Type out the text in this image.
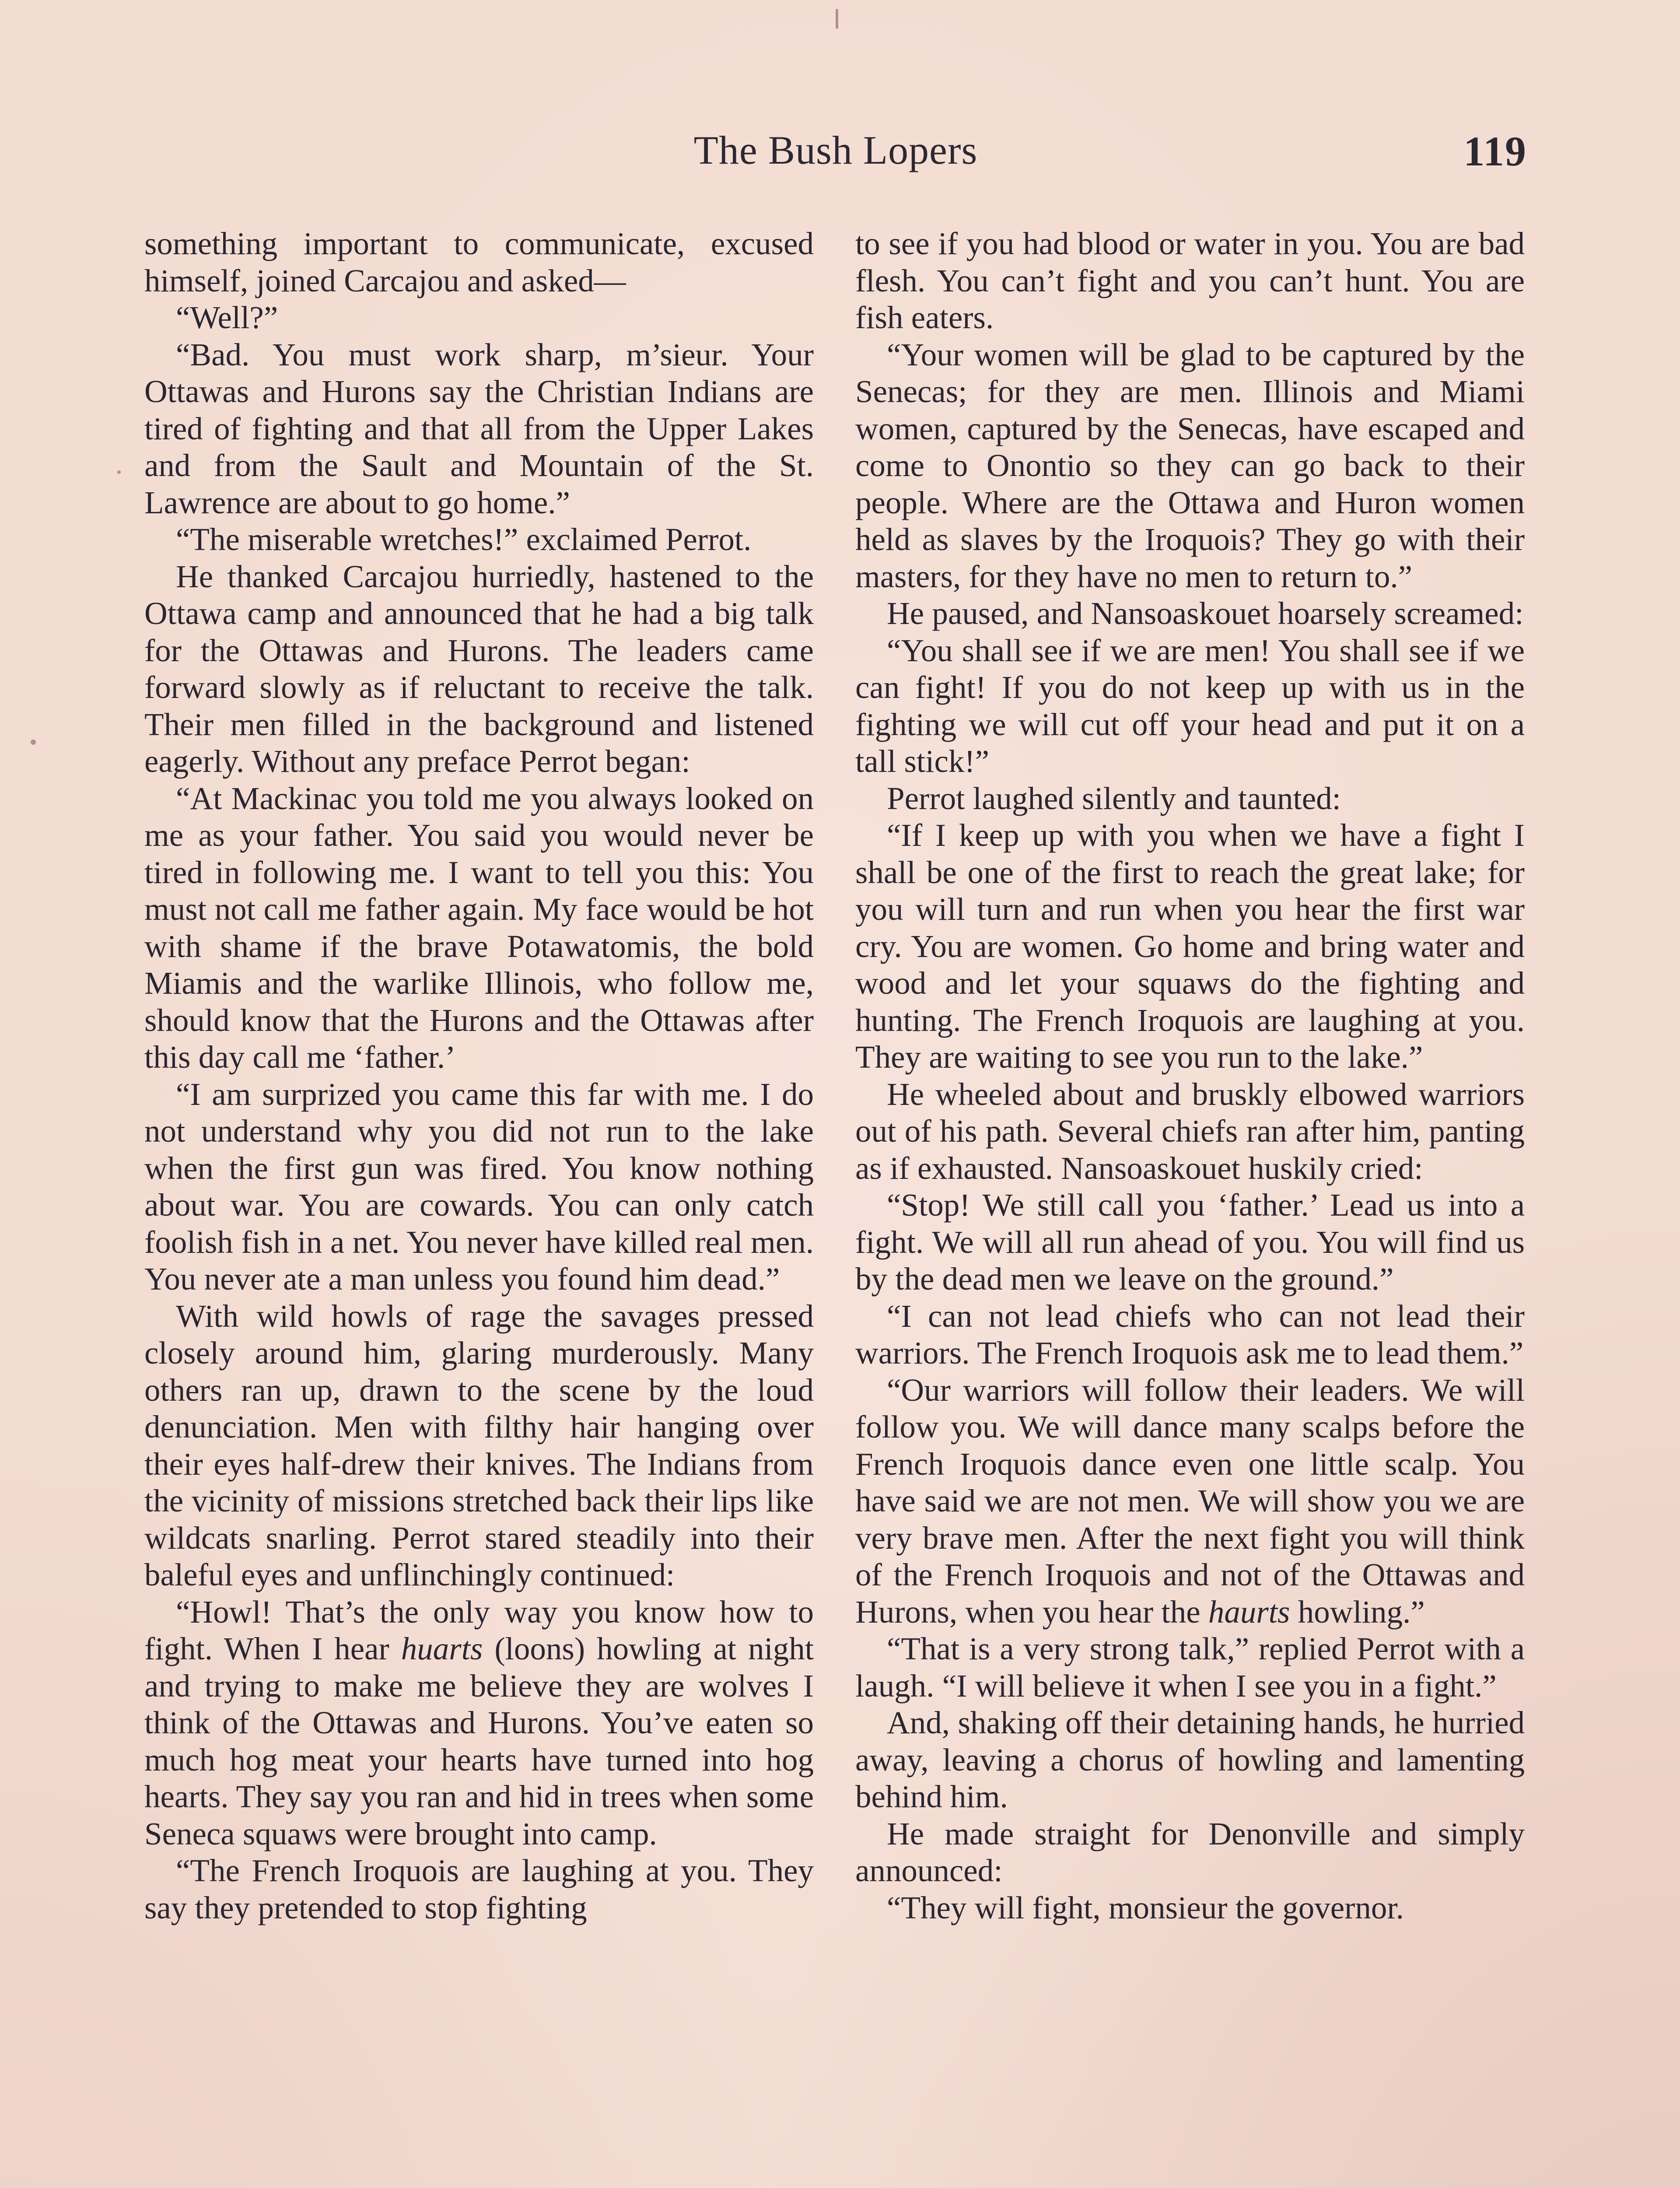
The Bush Lopers	119

something important to communicate, excused himself, joined Carcajou and asked—

“Well?”

“Bad. You must work sharp, m’sieur. Your Ottawas and Hurons say the Christian Indians are tired of fighting and that all from the Upper Lakes and from the Sault and Mountain of the St. Lawrence are about to go home.”

“The miserable wretches!” exclaimed Perrot.

He thanked Carcajou hurriedly, hastened to the Ottawa camp and announced that he had a big talk for the Ottawas and Hurons. The leaders came forward slowly as if reluctant to receive the talk. Their men filled in the background and listened eagerly. Without any preface Perrot began:

“At Mackinac you told me you always looked on me as your father. You said you would never be tired in following me. I want to tell you this: You must not call me father again. My face would be hot with shame if the brave Potawatomis, the bold Miamis and the warlike Illinois, who follow me, should know that the Hurons and the Ottawas after this day call me ‘father.’

“I am surprized you came this far with me. I do not understand why you did not run to the lake when the first gun was fired. You know nothing about war. You are cowards. You can only catch foolish fish in a net. You never have killed real men. You never ate a man unless you found him dead.”

With wild howls of rage the savages pressed closely around him, glaring murderously. Many others ran up, drawn to the scene by the loud denunciation. Men with filthy hair hanging over their eyes half-drew their knives. The Indians from the vicinity of missions stretched back their lips like wildcats snarling. Perrot stared steadily into their baleful eyes and unflinchingly continued:

“Howl! That’s the only way you know how to fight. When I hear huarts (loons) howling at night and trying to make me believe they are wolves I think of the Ottawas and Hurons. You’ve eaten so much hog meat your hearts have turned into hog hearts. They say you ran and hid in trees when some Seneca squaws were brought into camp.

“The French Iroquois are laughing at you. They say they pretended to stop fighting

to see if you had blood or water in you. You are bad flesh. You can’t fight and you can’t hunt. You are fish eaters.

“Your women will be glad to be captured by the Senecas; for they are men. Illinois and Miami women, captured by the Senecas, have escaped and come to Onontio so they can go back to their people. Where are the Ottawa and Huron women held as slaves by the Iroquois? They go with their masters, for they have no men to return to.”

He paused, and Nansoaskouet hoarsely screamed:

“You shall see if we are men! You shall see if we can fight! If you do not keep up with us in the fighting we will cut off your head and put it on a tall stick!”

Perrot laughed silently and taunted:

“If I keep up with you when we have a fight I shall be one of the first to reach the great lake; for you will turn and run when you hear the first war cry. You are women. Go home and bring water and wood and let your squaws do the fighting and hunting. The French Iroquois are laughing at you. They are waiting to see you run to the lake.”

He wheeled about and bruskly elbowed warriors out of his path. Several chiefs ran after him, panting as if exhausted. Nansoaskouet huskily cried:

“Stop! We still call you ‘father.’ Lead us into a fight. We will all run ahead of you. You will find us by the dead men we leave on the ground.”

“I can not lead chiefs who can not lead their warriors. The French Iroquois ask me to lead them.”

“Our warriors will follow their leaders. We will follow you. We will dance many scalps before the French Iroquois dance even one little scalp. You have said we are not men. We will show you we are very brave men. After the next fight you will think of the French Iroquois and not of the Ottawas and Hurons, when you hear the haurts howling.”

“That is a very strong talk,” replied Perrot with a laugh. “I will believe it when I see you in a fight.”

And, shaking off their detaining hands, he hurried away, leaving a chorus of howling and lamenting behind him.

He made straight for Denonville and simply announced:

“They will fight, monsieur the governor.
